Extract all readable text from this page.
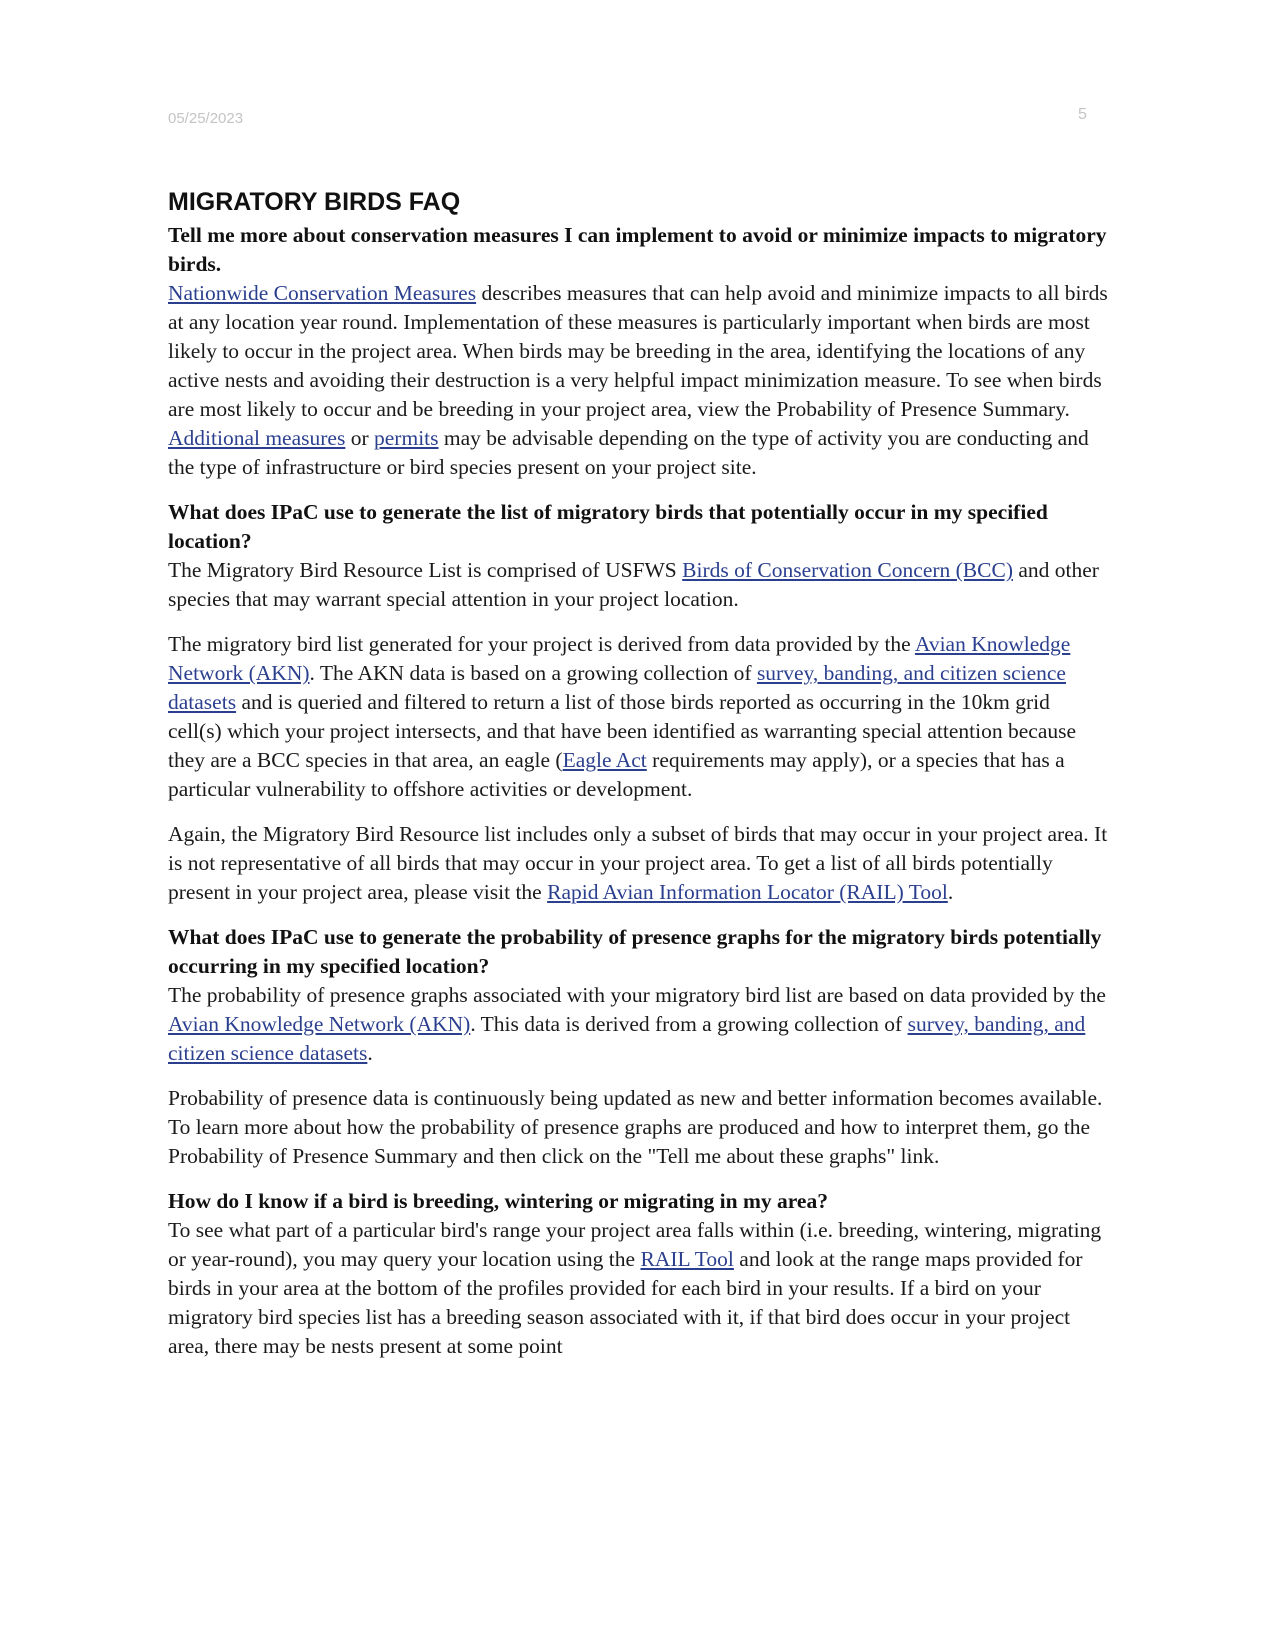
05/25/2023	5
MIGRATORY BIRDS FAQ

Tell me more about conservation measures I can implement to avoid or minimize impacts to migratory birds.

Nationwide Conservation Measures describes measures that can help avoid and minimize impacts to all birds at any location year round. Implementation of these measures is particularly important when birds are most likely to occur in the project area. When birds may be breeding in the area, identifying the locations of any active nests and avoiding their destruction is a very helpful impact minimization measure. To see when birds are most likely to occur and be breeding in your project area, view the Probability of Presence Summary. Additional measures or permits may be advisable depending on the type of activity you are conducting and the type of infrastructure or bird species present on your project site.

What does IPaC use to generate the list of migratory birds that potentially occur in my specified location?

The Migratory Bird Resource List is comprised of USFWS Birds of Conservation Concern (BCC) and other species that may warrant special attention in your project location.

The migratory bird list generated for your project is derived from data provided by the Avian Knowledge Network (AKN). The AKN data is based on a growing collection of survey, banding, and citizen science datasets and is queried and filtered to return a list of those birds reported as occurring in the 10km grid cell(s) which your project intersects, and that have been identified as warranting special attention because they are a BCC species in that area, an eagle (Eagle Act requirements may apply), or a species that has a particular vulnerability to offshore activities or development.

Again, the Migratory Bird Resource list includes only a subset of birds that may occur in your project area. It is not representative of all birds that may occur in your project area. To get a list of all birds potentially present in your project area, please visit the Rapid Avian Information Locator (RAIL) Tool.

What does IPaC use to generate the probability of presence graphs for the migratory birds potentially occurring in my specified location?

The probability of presence graphs associated with your migratory bird list are based on data provided by the Avian Knowledge Network (AKN). This data is derived from a growing collection of survey, banding, and citizen science datasets.

Probability of presence data is continuously being updated as new and better information becomes available. To learn more about how the probability of presence graphs are produced and how to interpret them, go the Probability of Presence Summary and then click on the "Tell me about these graphs" link.

How do I know if a bird is breeding, wintering or migrating in my area?

To see what part of a particular bird's range your project area falls within (i.e. breeding, wintering, migrating or year-round), you may query your location using the RAIL Tool and look at the range maps provided for birds in your area at the bottom of the profiles provided for each bird in your results. If a bird on your migratory bird species list has a breeding season associated with it, if that bird does occur in your project area, there may be nests present at some point
